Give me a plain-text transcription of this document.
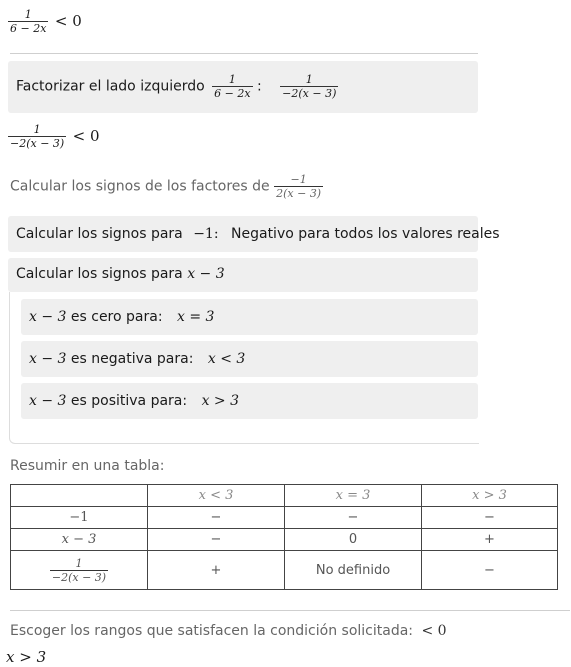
$\frac{1}{6 - 2x} < 0$
Factorizar el lado izquierdo $\frac{1}{6 - 2x}$ : $\frac{1}{-2(x - 3)}$
$\frac{1}{-2(x - 3)} < 0$
Calcular los signos de los factores de $\frac{-1}{2(x - 3)}$
Calcular los signos para −1: Negativo para todos los valores reales
Calcular los signos para x − 3
x − 3 es cero para: x = 3
x − 3 es negativa para: x < 3
x − 3 es positiva para: x > 3
Resumir en una tabla:
	x < 3	x = 3	x > 3
−1	−	−	−
x − 3	−	0	+

$\frac{1}{-2(x - 3)}$	+	No definido	−
Escoger los rangos que satisfacen la condición solicitada: < 0
x > 3
